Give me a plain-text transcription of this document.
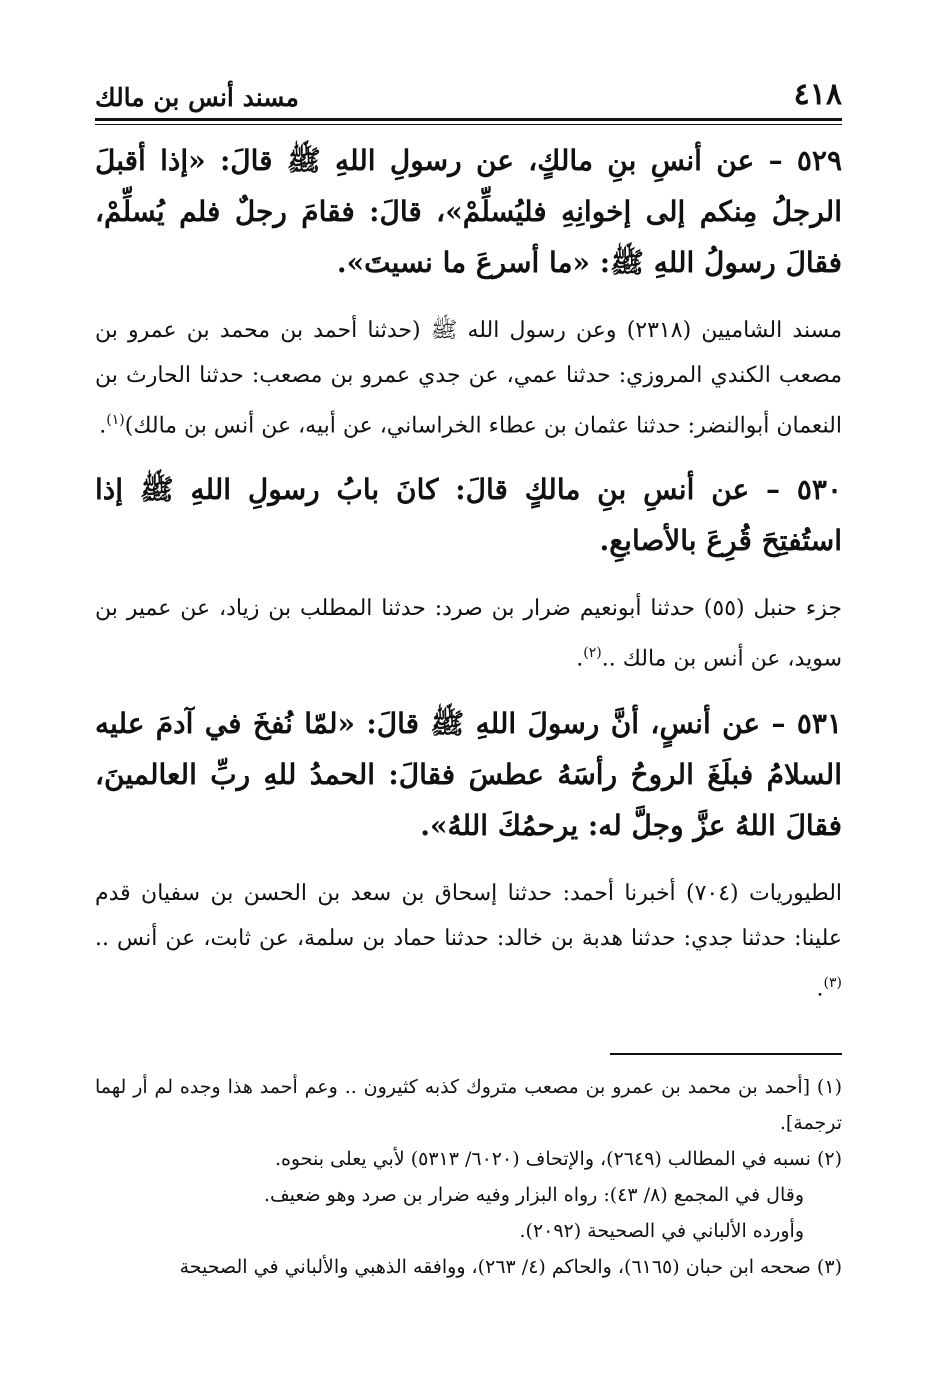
٤١٨
مسند أنس بن مالك

٥٢٩ – عن أنسِ بنِ مالكٍ، عن رسولِ اللهِ ﷺ قالَ: «إذا أقبلَ الرجلُ مِنكم إلى إخوانِهِ فليُسلِّمْ»، قالَ: فقامَ رجلٌ فلم يُسلِّمْ، فقالَ رسولُ اللهِ ﷺ: «ما أسرعَ ما نسيتَ».

مسند الشاميين (٢٣١٨) وعن رسول الله ﷺ (حدثنا أحمد بن محمد بن عمرو بن مصعب الكندي المروزي: حدثنا عمي، عن جدي عمرو بن مصعب: حدثنا الحارث بن النعمان أبوالنضر: حدثنا عثمان بن عطاء الخراساني، عن أبيه، عن أنس بن مالك)$^{(١)}$.

٥٣٠ – عن أنسِ بنِ مالكٍ قالَ: كانَ بابُ رسولِ اللهِ ﷺ إذا استُفتِحَ قُرِعَ بالأصابعِ.

جزء حنبل (٥٥) حدثنا أبونعيم ضرار بن صرد: حدثنا المطلب بن زياد، عن عمير بن سويد، عن أنس بن مالك ..$^{(٢)}$.

٥٣١ – عن أنسٍ، أنَّ رسولَ اللهِ ﷺ قالَ: «لمّا نُفخَ في آدمَ عليه السلامُ فبلَغَ الروحُ رأسَهُ عطسَ فقالَ: الحمدُ للهِ ربِّ العالمينَ، فقالَ اللهُ عزَّ وجلَّ له: يرحمُكَ اللهُ».

الطيوريات (٧٠٤) أخبرنا أحمد: حدثنا إسحاق بن سعد بن الحسن بن سفيان قدم علينا: حدثنا جدي: حدثنا هدبة بن خالد: حدثنا حماد بن سلمة، عن ثابت، عن أنس ..$^{(٣)}$.

(١) [أحمد بن محمد بن عمرو بن مصعب متروك كذبه كثيرون .. وعم أحمد هذا وجده لم أر لهما ترجمة].

(٢) نسبه في المطالب (٢٦٤٩)، والإتحاف (٦٠٢٠/ ٥٣١٣) لأبي يعلى بنحوه.

وقال في المجمع (٨/ ٤٣): رواه البزار وفيه ضرار بن صرد وهو ضعيف.

وأورده الألباني في الصحيحة (٢٠٩٢).

(٣) صححه ابن حبان (٦١٦٥)، والحاكم (٤/ ٢٦٣)، ووافقه الذهبي والألباني في الصحيحة
